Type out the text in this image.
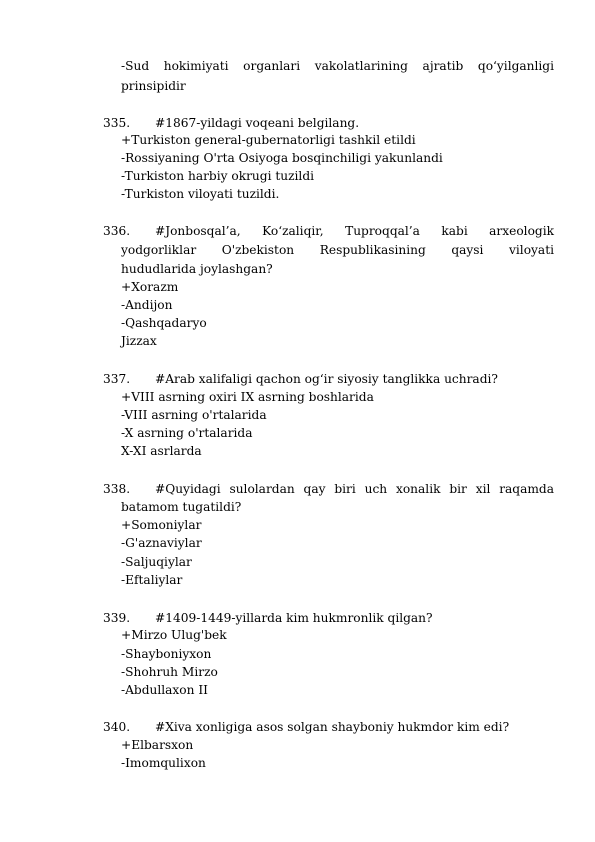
-Sud hokimiyati organlari vakolatlarining ajratib qo‘yilganligi
prinsipidir
335. #1867-yildagi voqeani belgilang.
+Turkiston general-gubernatorligi tashkil etildi
-Rossiyaning O'rta Osiyoga bosqinchiligi yakunlandi
-Turkiston harbiy okrugi tuzildi
-Turkiston viloyati tuzildi.
336. #Jonbosqal’a, Ko‘zaliqir, Tuproqqal’a kabi arxeologik
yodgorliklar O'zbekiston Respublikasining qaysi viloyati
hududlarida joylashgan?
+Xorazm
-Andijon
-Qashqadaryo
Jizzax
337. #Arab xalifaligi qachon og‘ir siyosiy tanglikka uchradi?
+VIII asrning oxiri IX asrning boshlarida
-VIII asrning o'rtalarida
-X asrning o'rtalarida
X-XI asrlarda
338. #Quyidagi sulolardan qay biri uch xonalik bir xil raqamda
batamom tugatildi?
+Somoniylar
-G'aznaviylar
-Saljuqiylar
-Eftaliylar
339. #1409-1449-yillarda kim hukmronlik qilgan?
+Mirzo Ulug'bek
-Shayboniyxon
-Shohruh Mirzo
-Abdullaxon II
340. #Xiva xonligiga asos solgan shayboniy hukmdor kim edi?
+Elbarsxon
-Imomqulixon
